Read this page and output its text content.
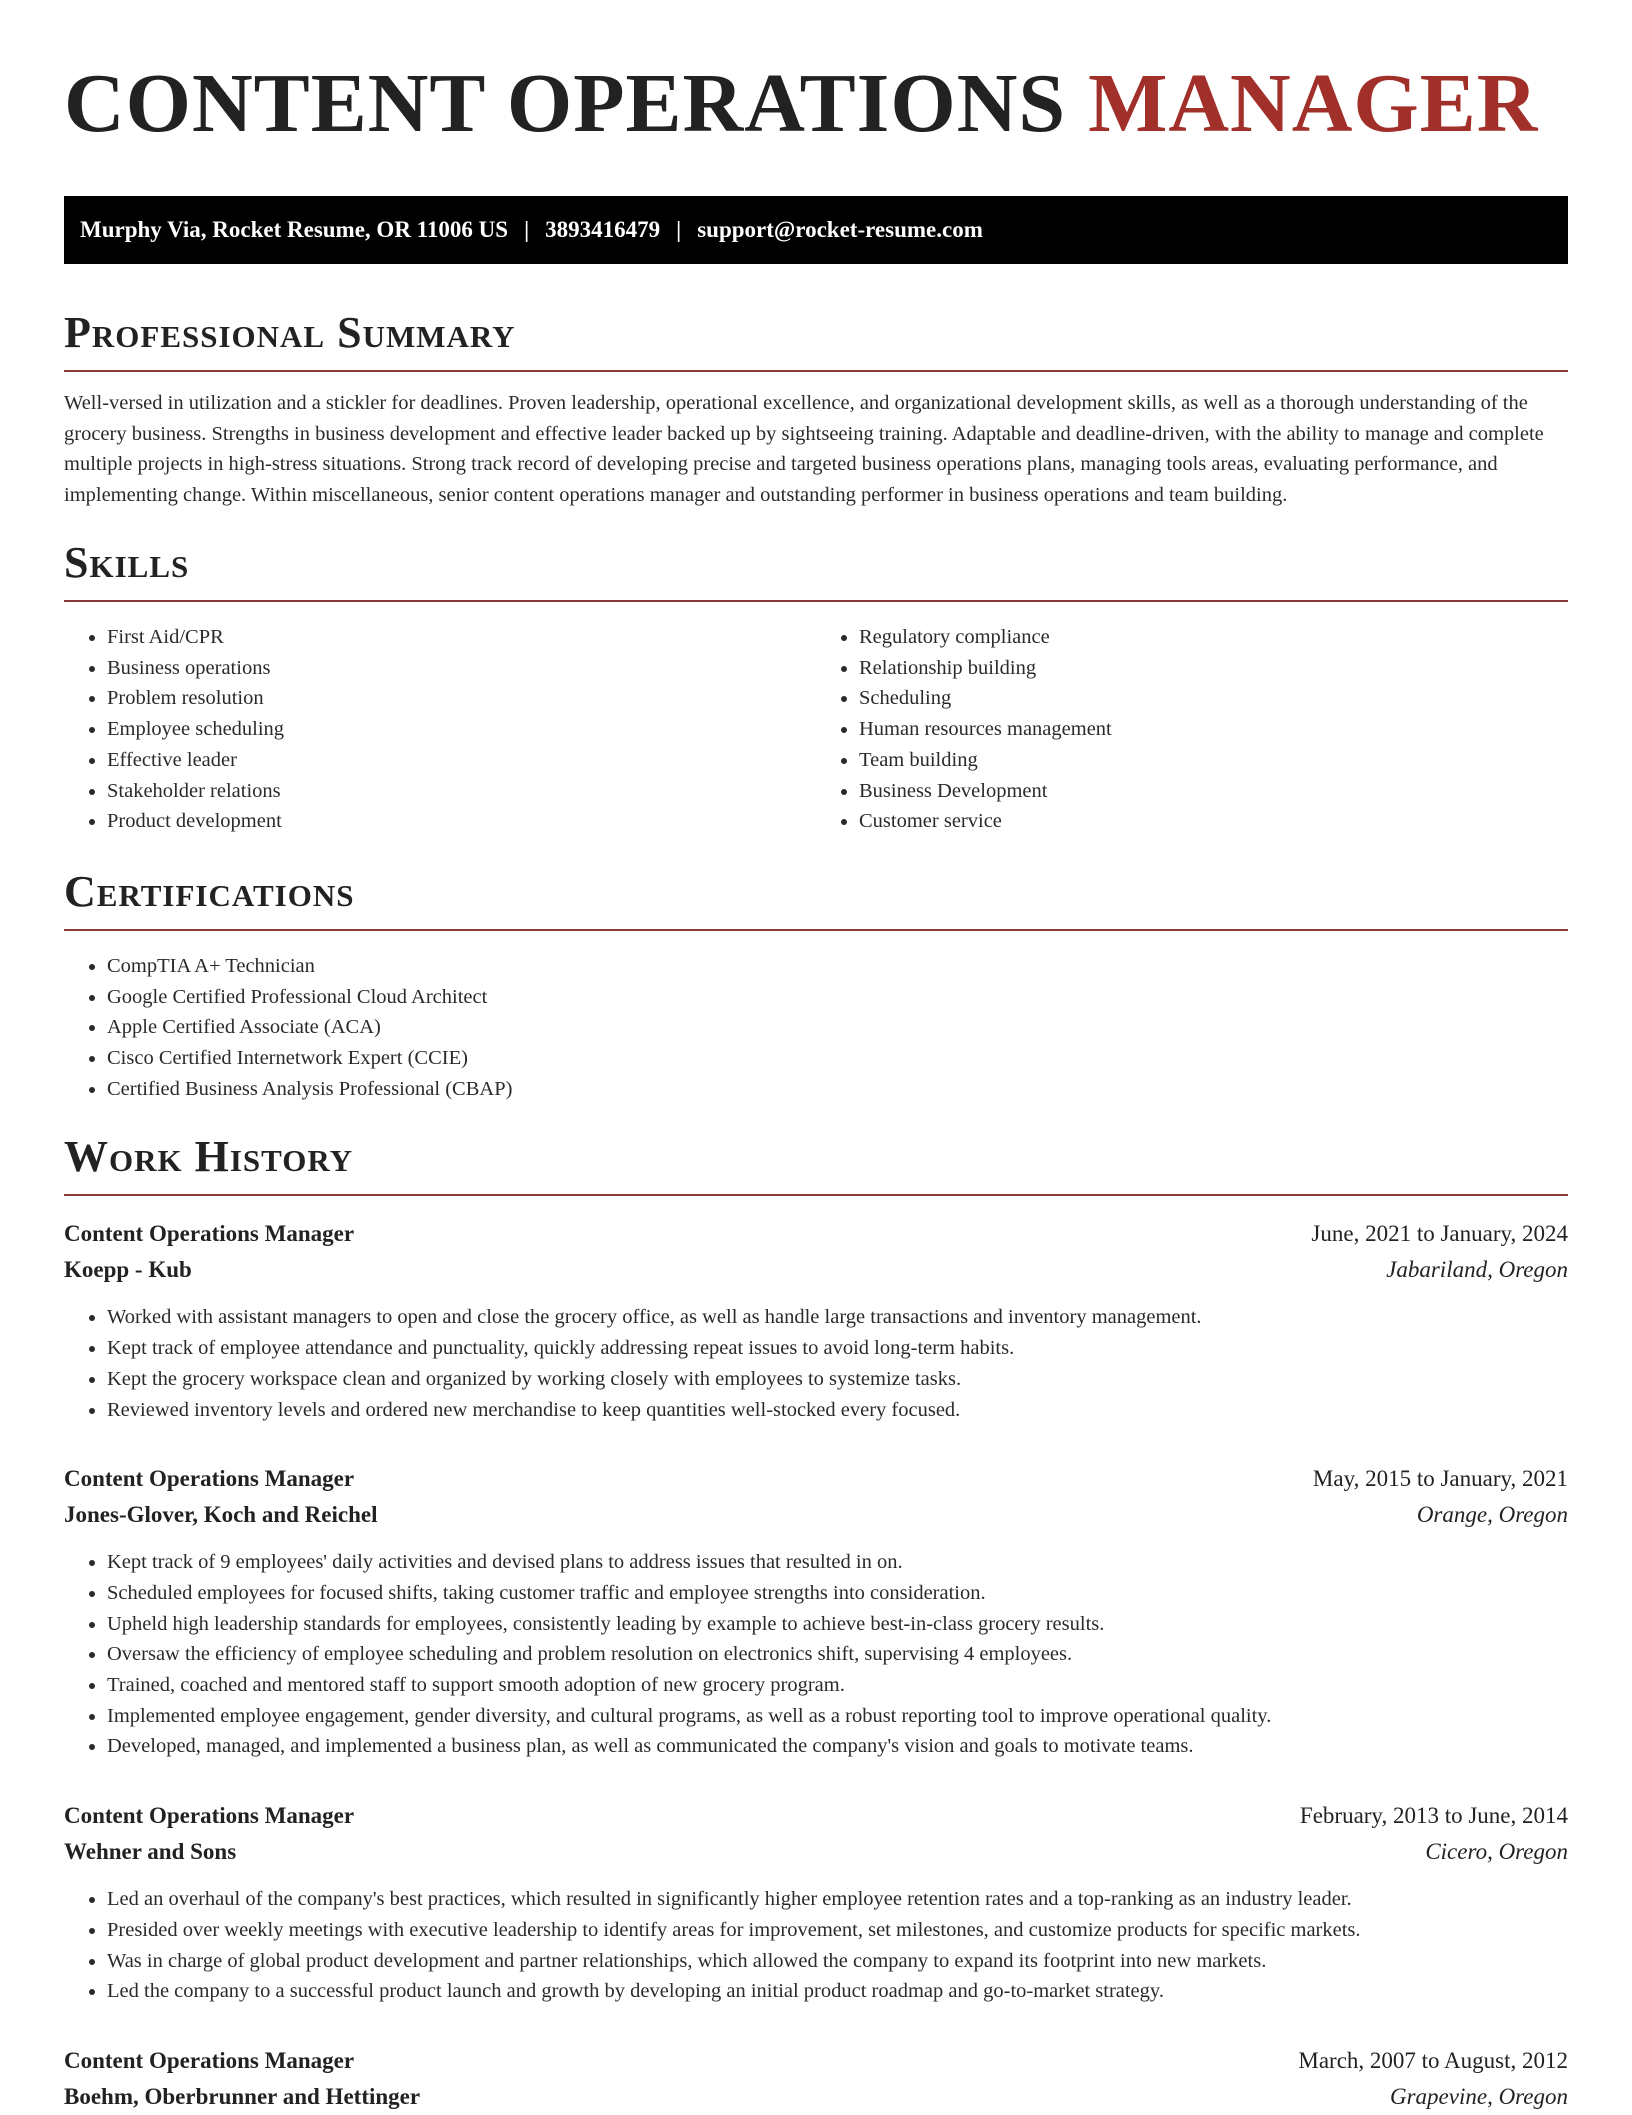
CONTENT OPERATIONS MANAGER
Murphy Via, Rocket Resume, OR 11006 US | 3893416479 | support@rocket-resume.com
Professional Summary

Well-versed in utilization and a stickler for deadlines. Proven leadership, operational excellence, and organizational development skills, as well as a thorough understanding of the grocery business. Strengths in business development and effective leader backed up by sightseeing training. Adaptable and deadline-driven, with the ability to manage and complete multiple projects in high-stress situations. Strong track record of developing precise and targeted business operations plans, managing tools areas, evaluating performance, and implementing change. Within miscellaneous, senior content operations manager and outstanding performer in business operations and team building.

Skills
• First Aid/CPR
• Business operations
• Problem resolution
• Employee scheduling
• Effective leader
• Stakeholder relations
• Product development
• Regulatory compliance
• Relationship building
• Scheduling
• Human resources management
• Team building
• Business Development
• Customer service
Certifications
• CompTIA A+ Technician
• Google Certified Professional Cloud Architect
• Apple Certified Associate (ACA)
• Cisco Certified Internetwork Expert (CCIE)
• Certified Business Analysis Professional (CBAP)
Work History
Content Operations Manager	June, 2021 to January, 2024
Koepp - Kub	Jabariland, Oregon
• Worked with assistant managers to open and close the grocery office, as well as handle large transactions and inventory management.
• Kept track of employee attendance and punctuality, quickly addressing repeat issues to avoid long-term habits.
• Kept the grocery workspace clean and organized by working closely with employees to systemize tasks.
• Reviewed inventory levels and ordered new merchandise to keep quantities well-stocked every focused.
Content Operations Manager	May, 2015 to January, 2021
Jones-Glover, Koch and Reichel	Orange, Oregon
• Kept track of 9 employees' daily activities and devised plans to address issues that resulted in on.
• Scheduled employees for focused shifts, taking customer traffic and employee strengths into consideration.
• Upheld high leadership standards for employees, consistently leading by example to achieve best-in-class grocery results.
• Oversaw the efficiency of employee scheduling and problem resolution on electronics shift, supervising 4 employees.
• Trained, coached and mentored staff to support smooth adoption of new grocery program.
• Implemented employee engagement, gender diversity, and cultural programs, as well as a robust reporting tool to improve operational quality.
• Developed, managed, and implemented a business plan, as well as communicated the company's vision and goals to motivate teams.
Content Operations Manager	February, 2013 to June, 2014
Wehner and Sons	Cicero, Oregon
• Led an overhaul of the company's best practices, which resulted in significantly higher employee retention rates and a top-ranking as an industry leader.
• Presided over weekly meetings with executive leadership to identify areas for improvement, set milestones, and customize products for specific markets.
• Was in charge of global product development and partner relationships, which allowed the company to expand its footprint into new markets.
• Led the company to a successful product launch and growth by developing an initial product roadmap and go-to-market strategy.
Content Operations Manager	March, 2007 to August, 2012
Boehm, Oberbrunner and Hettinger	Grapevine, Oregon
